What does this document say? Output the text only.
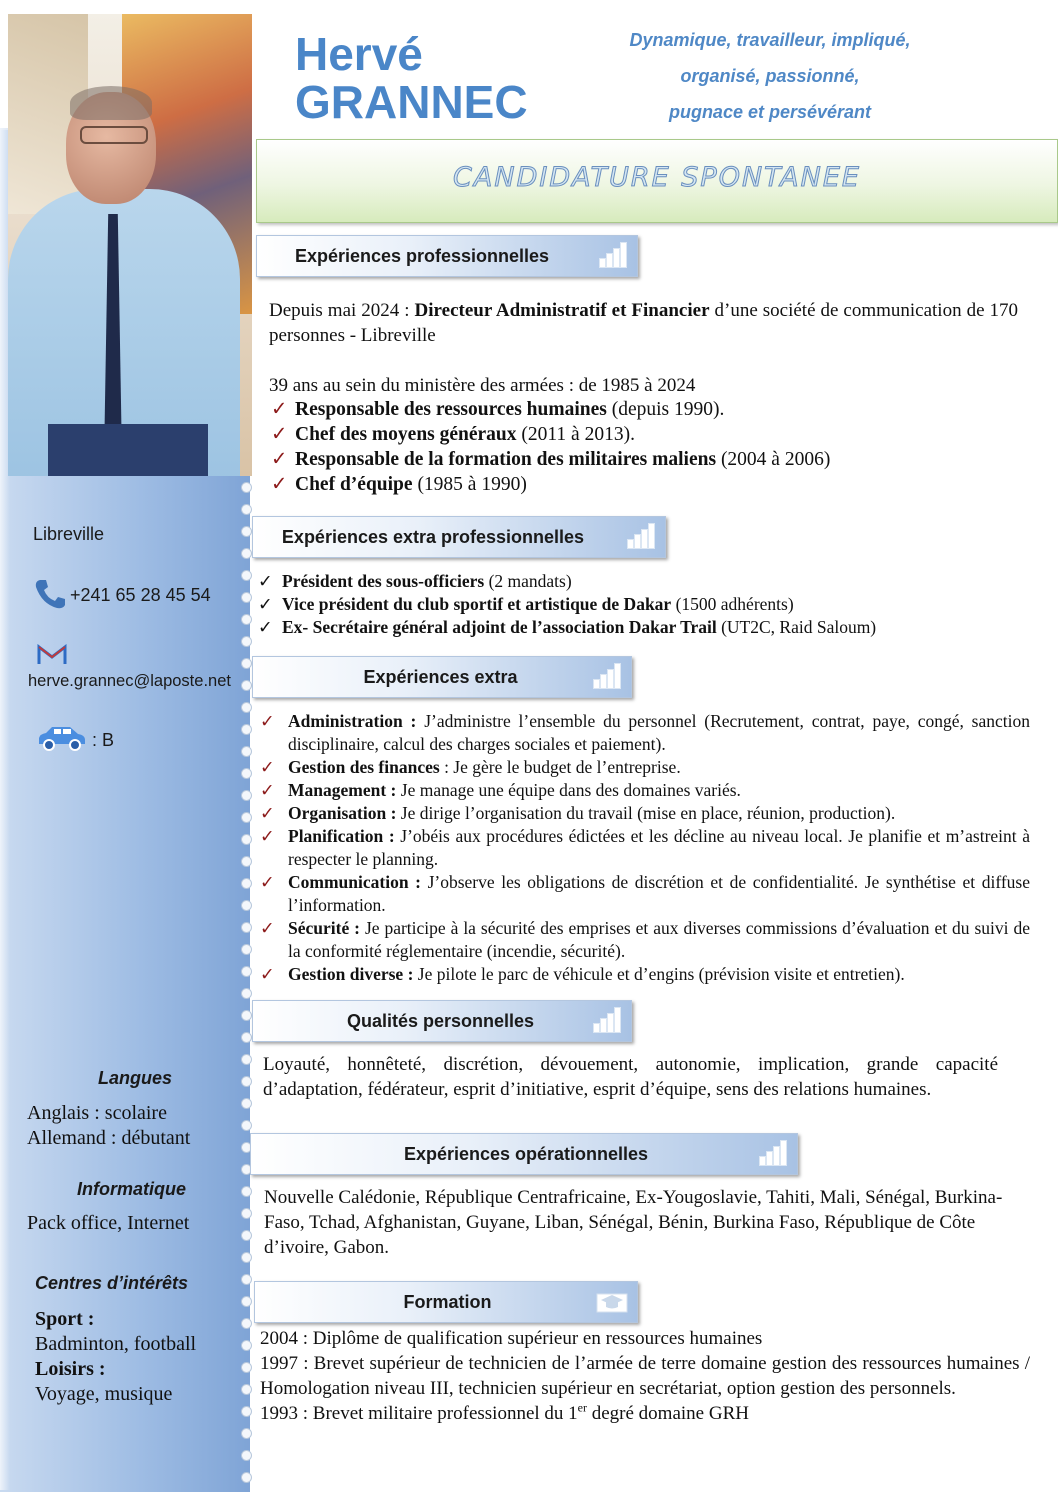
Libreville
+241 65 28 45 54
herve.grannec@laposte.net
: B
Langues
Anglais : scolaire
Allemand : débutant
Informatique
Pack office, Internet
Centres d’intérêts
Sport :
Badminton, football
Loisirs :
Voyage, musique
Hervé
GRANNEC
Dynamique, travailleur, impliqué,
organisé, passionné,
pugnace et persévérant
CANDIDATURE SPONTANEE
Expériences professionnelles
Depuis mai 2024 : Directeur Administratif et Financier d’une société de communication de 170 personnes - Libreville
39 ans au sein du ministère des armées : de 1985 à 2024
✓ Responsable des ressources humaines (depuis 1990).
✓ Chef des moyens généraux (2011 à 2013).
✓ Responsable de la formation des militaires maliens (2004 à 2006)
✓ Chef d’équipe (1985 à 1990)
Expériences extra professionnelles
✓ Président des sous-officiers (2 mandats)
✓ Vice président du club sportif et artistique de Dakar (1500 adhérents)
✓ Ex- Secrétaire général adjoint de l’association Dakar Trail (UT2C, Raid Saloum)
Expériences extra
✓ Administration : J’administre l’ensemble du personnel (Recrutement, contrat, paye, congé, sanction disciplinaire, calcul des charges sociales et paiement).
✓ Gestion des finances : Je gère le budget de l’entreprise.
✓ Management : Je manage une équipe dans des domaines variés.
✓ Organisation : Je dirige l’organisation du travail (mise en place, réunion, production).
✓ Planification : J’obéis aux procédures édictées et les décline au niveau local. Je planifie et m’astreint à respecter le planning.
✓ Communication : J’observe les obligations de discrétion et de confidentialité. Je synthétise et diffuse l’information.
✓ Sécurité : Je participe à la sécurité des emprises et aux diverses commissions d’évaluation et du suivi de la conformité réglementaire (incendie, sécurité).
✓ Gestion diverse : Je pilote le parc de véhicule et d’engins (prévision visite et entretien).
Qualités personnelles
Loyauté, honnêteté, discrétion, dévouement, autonomie, implication, grande capacité d’adaptation, fédérateur, esprit d’initiative, esprit d’équipe, sens des relations humaines.
Expériences opérationnelles
Nouvelle Calédonie, République Centrafricaine, Ex-Yougoslavie, Tahiti, Mali, Sénégal, Burkina-Faso, Tchad, Afghanistan, Guyane, Liban, Sénégal, Bénin, Burkina Faso, République de Côte d’ivoire, Gabon.
Formation
2004 : Diplôme de qualification supérieur en ressources humaines
1997 : Brevet supérieur de technicien de l’armée de terre domaine gestion des ressources humaines / Homologation niveau III, technicien supérieur en secrétariat, option gestion des personnels.
1993 : Brevet militaire professionnel du 1er degré domaine GRH
